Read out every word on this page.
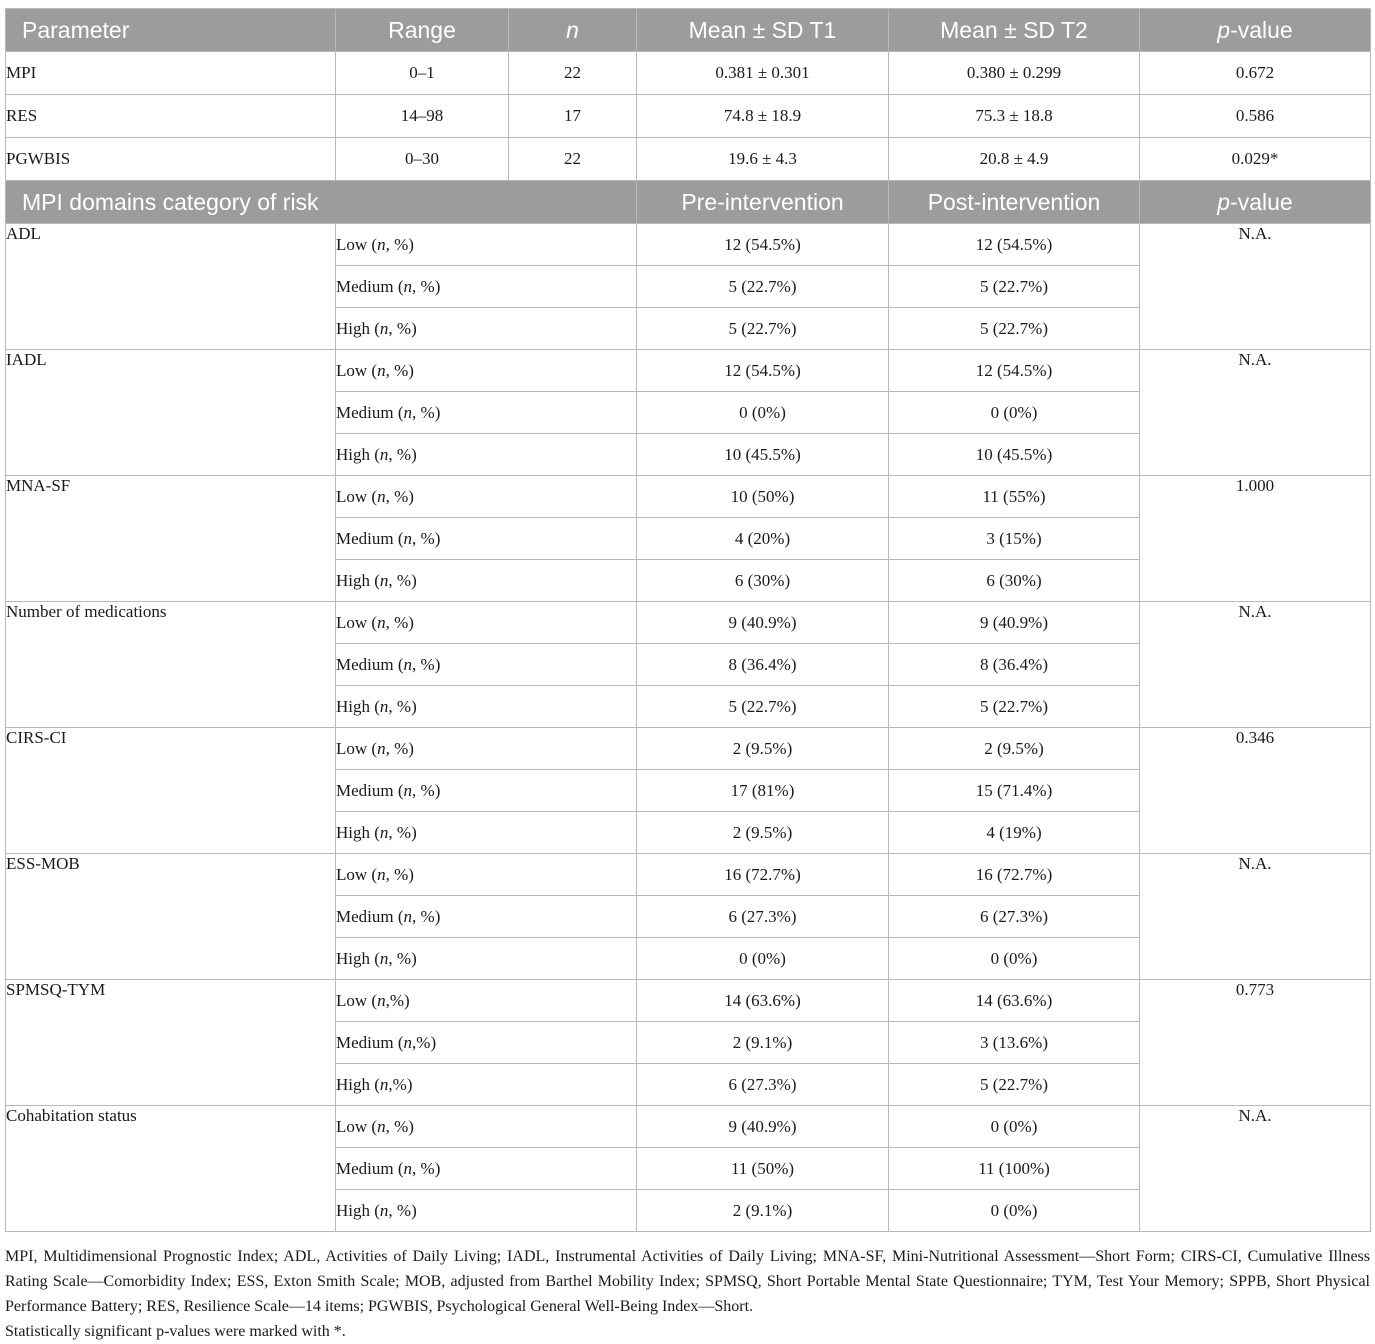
Parameter	Range	n	Mean ± SD T1	Mean ± SD T2	p-value
MPI	0–1	22	0.381 ± 0.301	0.380 ± 0.299	0.672
RES	14–98	17	74.8 ± 18.9	75.3 ± 18.8	0.586
PGWBIS	0–30	22	19.6 ± 4.3	20.8 ± 4.9	0.029*
MPI domains category of risk			Pre-intervention	Post-intervention	p-value
ADL	Low (n, %)		12 (54.5%)	12 (54.5%)	N.A.
	Medium (n, %)		5 (22.7%)	5 (22.7%)	
	High (n, %)		5 (22.7%)	5 (22.7%)	
IADL	Low (n, %)		12 (54.5%)	12 (54.5%)	N.A.
	Medium (n, %)		0 (0%)	0 (0%)	
	High (n, %)		10 (45.5%)	10 (45.5%)	
MNA-SF	Low (n, %)		10 (50%)	11 (55%)	1.000
	Medium (n, %)		4 (20%)	3 (15%)	
	High (n, %)		6 (30%)	6 (30%)	
Number of medications	Low (n, %)		9 (40.9%)	9 (40.9%)	N.A.
	Medium (n, %)		8 (36.4%)	8 (36.4%)	
	High (n, %)		5 (22.7%)	5 (22.7%)	
CIRS-CI	Low (n, %)		2 (9.5%)	2 (9.5%)	0.346
	Medium (n, %)		17 (81%)	15 (71.4%)	
	High (n, %)		2 (9.5%)	4 (19%)	
ESS-MOB	Low (n, %)		16 (72.7%)	16 (72.7%)	N.A.
	Medium (n, %)		6 (27.3%)	6 (27.3%)	
	High (n, %)		0 (0%)	0 (0%)	
SPMSQ-TYM	Low (n,%)		14 (63.6%)	14 (63.6%)	0.773
	Medium (n,%)		2 (9.1%)	3 (13.6%)	
	High (n,%)		6 (27.3%)	5 (22.7%)	
Cohabitation status	Low (n, %)		9 (40.9%)	0 (0%)	N.A.
	Medium (n, %)		11 (50%)	11 (100%)	
	High (n, %)		2 (9.1%)	0 (0%)	

MPI, Multidimensional Prognostic Index; ADL, Activities of Daily Living; IADL, Instrumental Activities of Daily Living; MNA-SF, Mini-Nutritional Assessment—Short Form; CIRS-CI, Cumulative Illness Rating Scale—Comorbidity Index; ESS, Exton Smith Scale; MOB, adjusted from Barthel Mobility Index; SPMSQ, Short Portable Mental State Questionnaire; TYM, Test Your Memory; SPPB, Short Physical Performance Battery; RES, Resilience Scale—14 items; PGWBIS, Psychological General Well-Being Index—Short.

Statistically significant p-values were marked with *.
